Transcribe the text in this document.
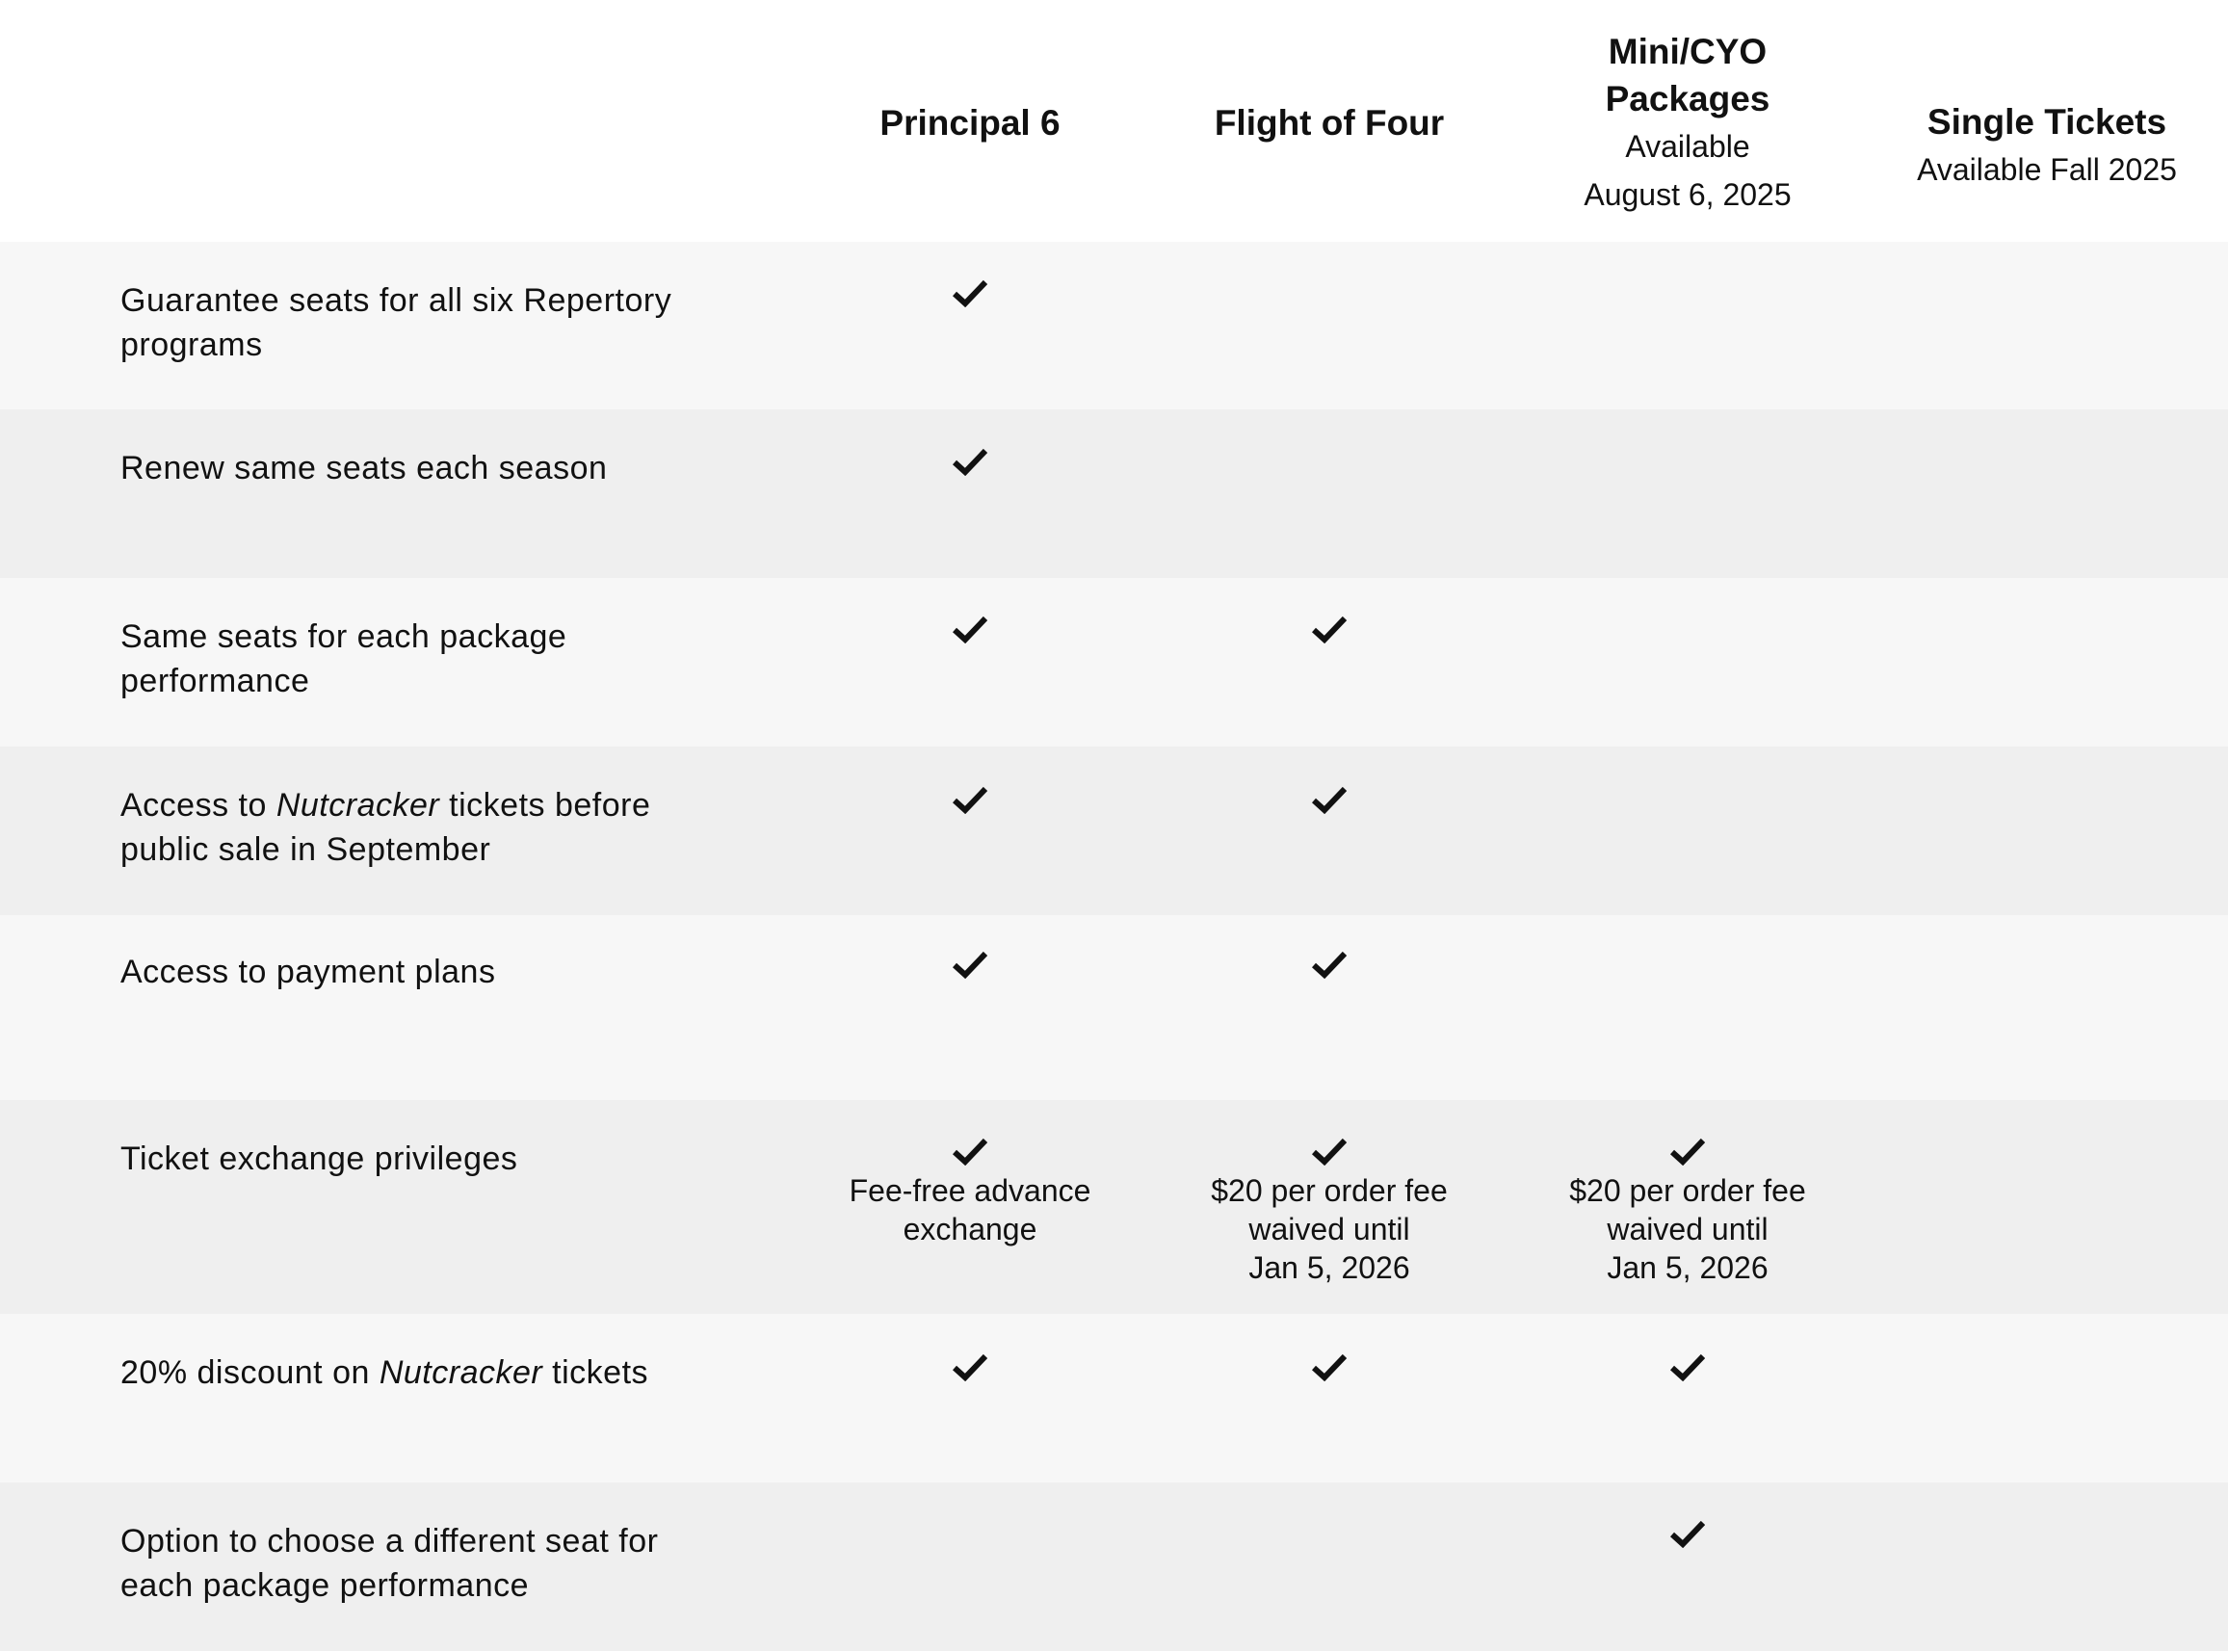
Principal 6	Flight of Four
Mini/CYO
Packages
Available
August 6, 2025
Single Tickets
Available Fall 2025
Guarantee seats for all six Repertory programs
Renew same seats each season
Same seats for each package performance
Access to Nutcracker tickets before public sale in September
Access to payment plans
Ticket exchange privileges
Fee-free advance
exchange
$20 per order fee
waived until
Jan 5, 2026
$20 per order fee
waived until
Jan 5, 2026
20% discount on Nutcracker tickets
Option to choose a different seat for each package performance
